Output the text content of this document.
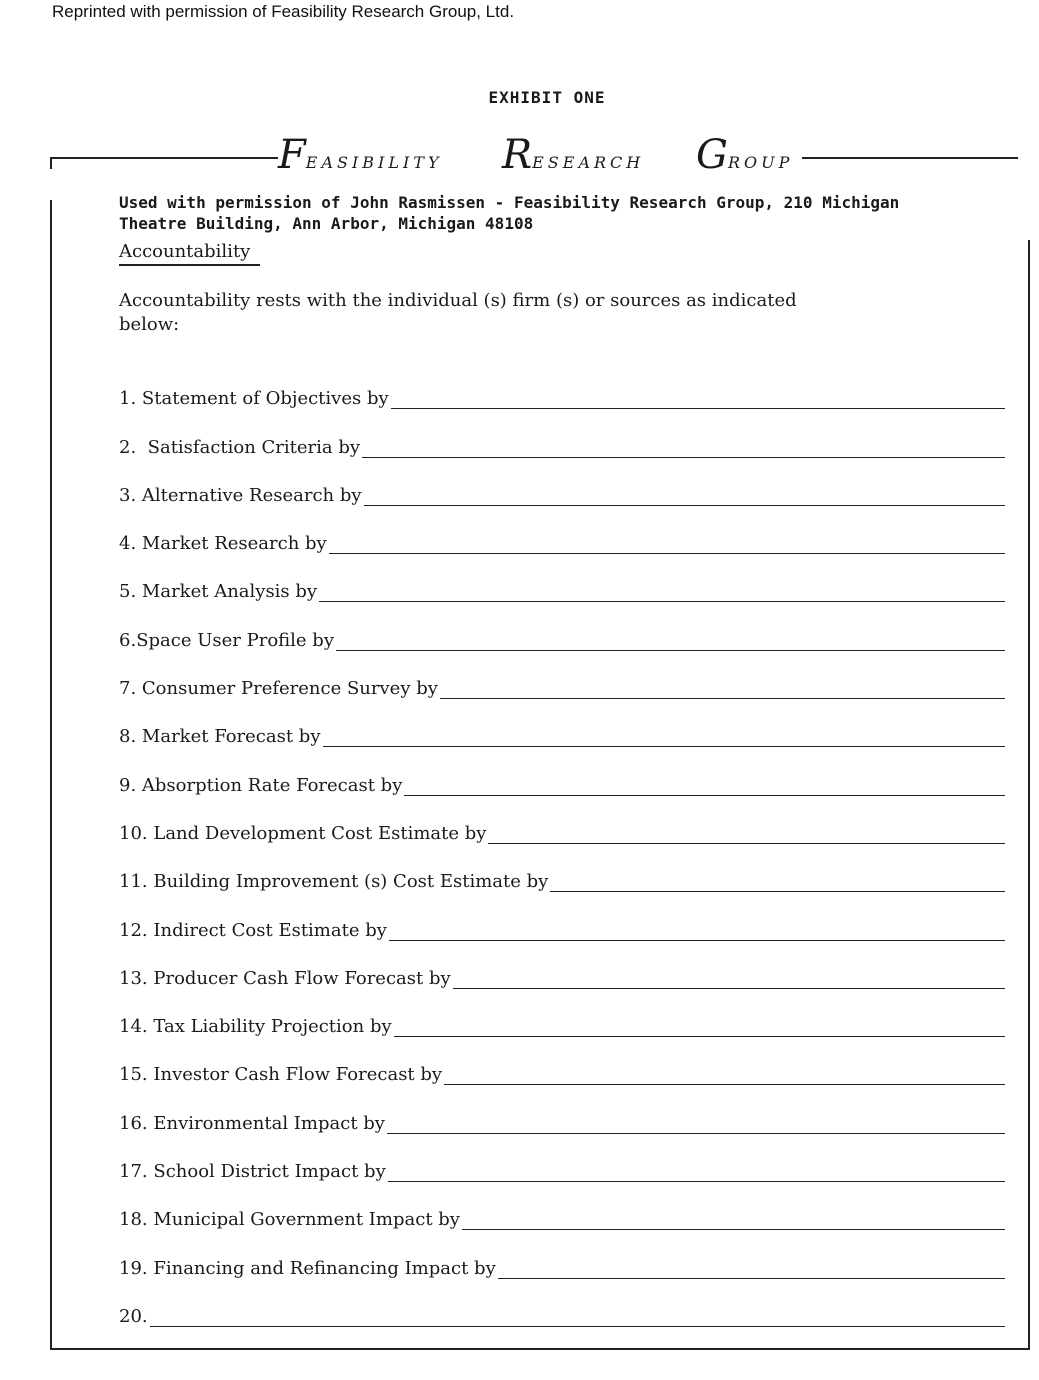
Reprinted with permission of Feasibility Research Group, Ltd.
EXHIBIT ONE
FEASIBILITY RESEARCH GROUP
Used with permission of John Rasmissen - Feasibility Research Group, 210 Michigan
Theatre Building, Ann Arbor, Michigan 48108
Accountability
Accountability rests with the individual (s) firm (s) or sources as indicated below:
1. Statement of Objectives by
2. Satisfaction Criteria by
3. Alternative Research by
4. Market Research by
5. Market Analysis by
6. Space User Profile by
7. Consumer Preference Survey by
8. Market Forecast by
9. Absorption Rate Forecast by
10. Land Development Cost Estimate by
11. Building Improvement (s) Cost Estimate by
12. Indirect Cost Estimate by
13. Producer Cash Flow Forecast by
14. Tax Liability Projection by
15. Investor Cash Flow Forecast by
16. Environmental Impact by
17. School District Impact by
18. Municipal Government Impact by
19. Financing and Refinancing Impact by
20.
